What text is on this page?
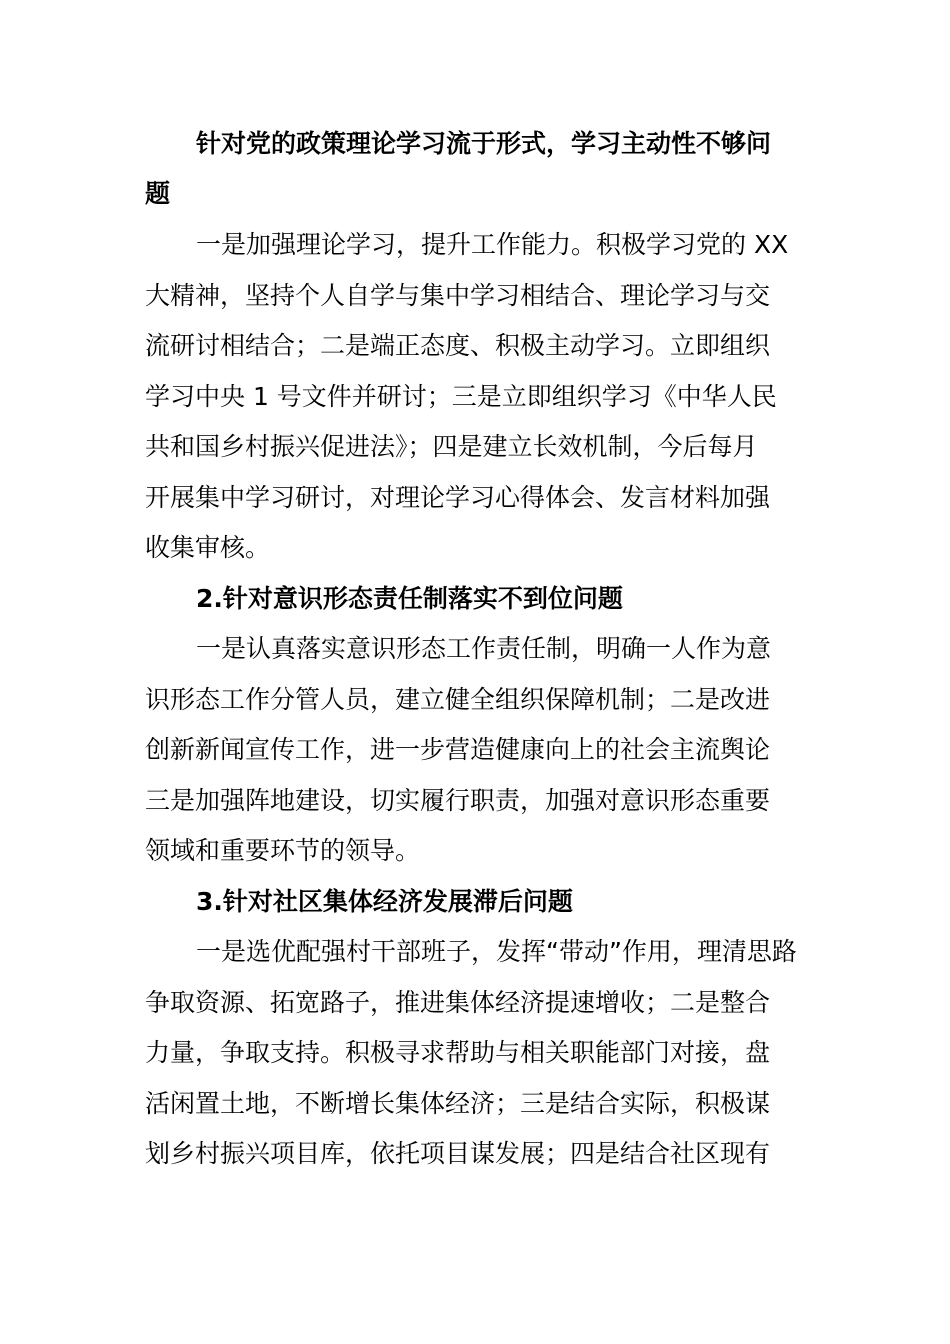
针对党的政策理论学习流于形式，学习主动性不够问
题
一是加强理论学习，提升工作能力。积极学习党的 XX
大精神，坚持个人自学与集中学习相结合、理论学习与交
流研讨相结合；二是端正态度、积极主动学习。立即组织
学习中央 1 号文件并研讨；三是立即组织学习《中华人民
共和国乡村振兴促进法》；四是建立长效机制，今后每月
开展集中学习研讨，对理论学习心得体会、发言材料加强
收集审核。
2.针对意识形态责任制落实不到位问题
一是认真落实意识形态工作责任制，明确一人作为意
识形态工作分管人员，建立健全组织保障机制；二是改进
创新新闻宣传工作，进一步营造健康向上的社会主流舆论
三是加强阵地建设，切实履行职责，加强对意识形态重要
领域和重要环节的领导。
3.针对社区集体经济发展滞后问题
一是选优配强村干部班子，发挥“带动”作用，理清思路
争取资源、拓宽路子，推进集体经济提速增收；二是整合
力量，争取支持。积极寻求帮助与相关职能部门对接，盘
活闲置土地，不断增长集体经济；三是结合实际，积极谋
划乡村振兴项目库，依托项目谋发展；四是结合社区现有
